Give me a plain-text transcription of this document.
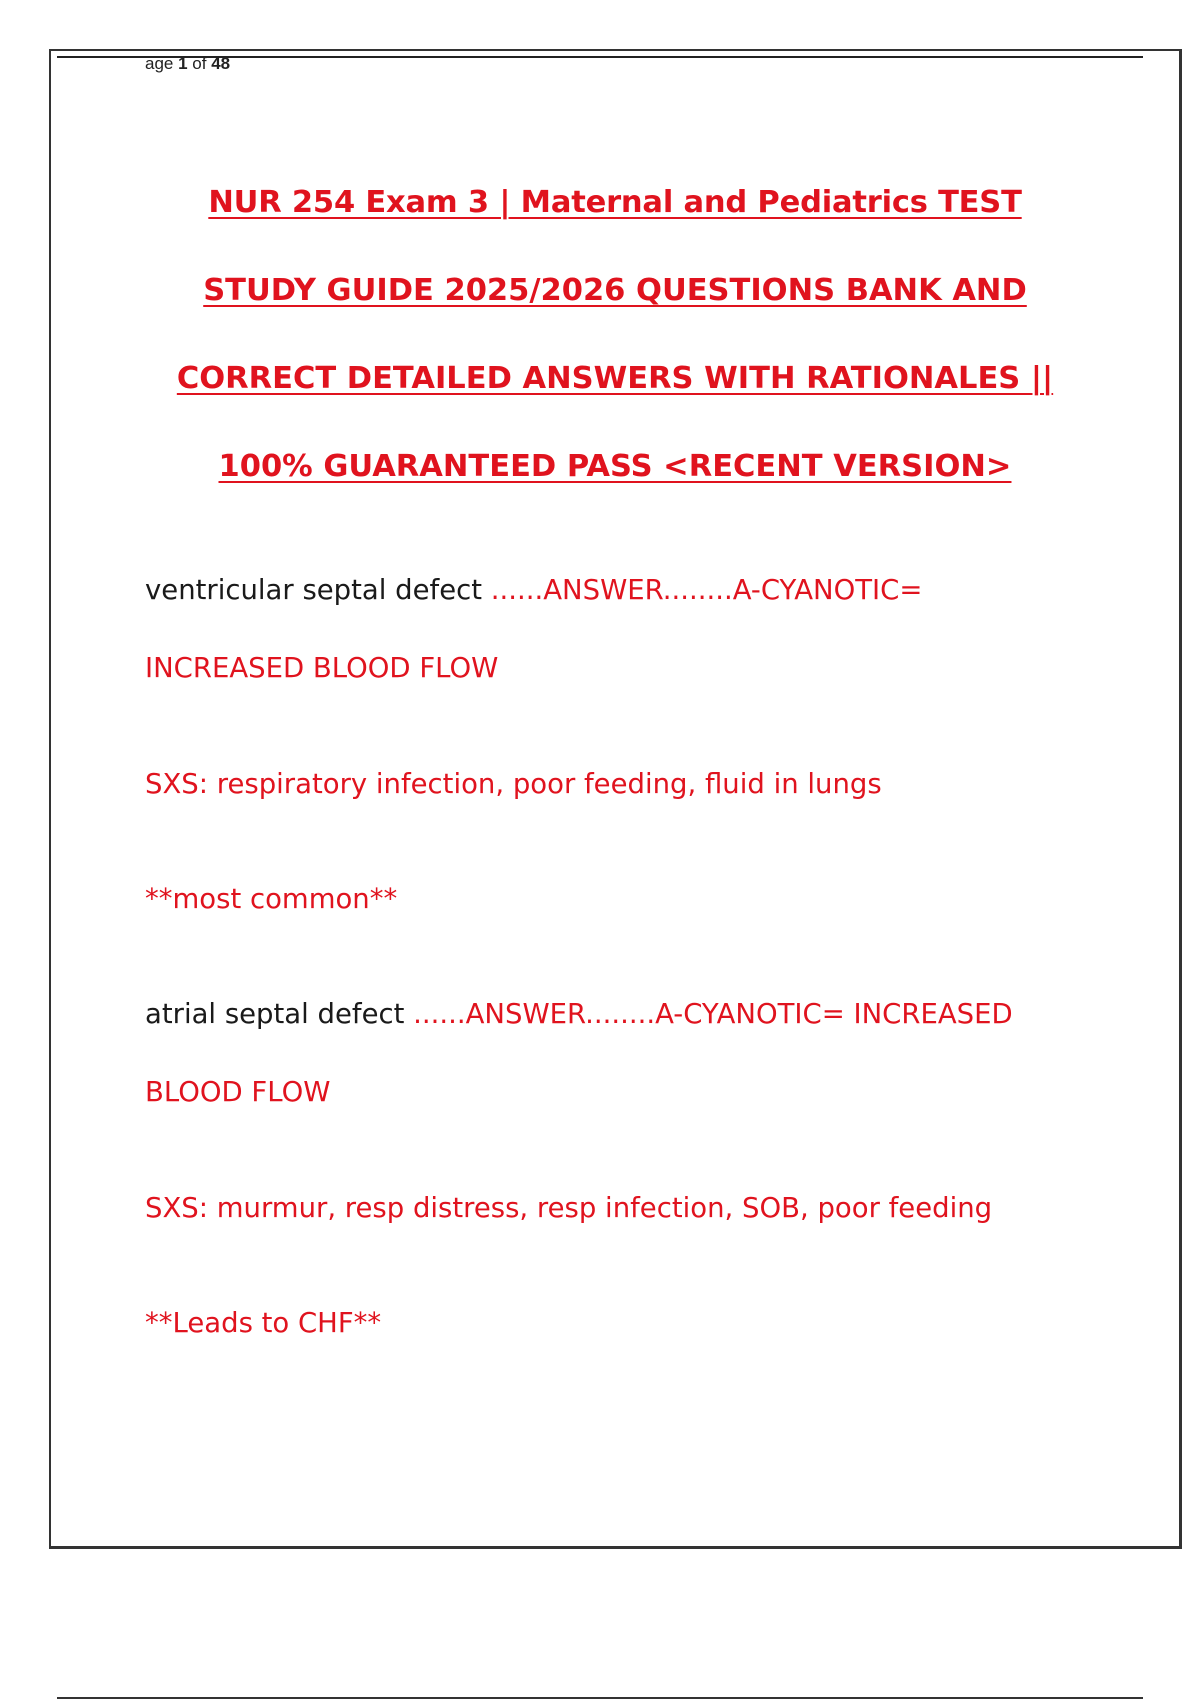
age 1 of 48
NUR 254 Exam 3 | Maternal and Pediatrics TEST
STUDY GUIDE 2025/2026 QUESTIONS BANK AND
CORRECT DETAILED ANSWERS WITH RATIONALES ||
100% GUARANTEED PASS <RECENT VERSION>
ventricular septal defect ......ANSWER........A-CYANOTIC=
INCREASED BLOOD FLOW
SXS: respiratory infection, poor feeding, fluid in lungs
**most common**
atrial septal defect ......ANSWER........A-CYANOTIC= INCREASED
BLOOD FLOW
SXS: murmur, resp distress, resp infection, SOB, poor feeding
**Leads to CHF**
